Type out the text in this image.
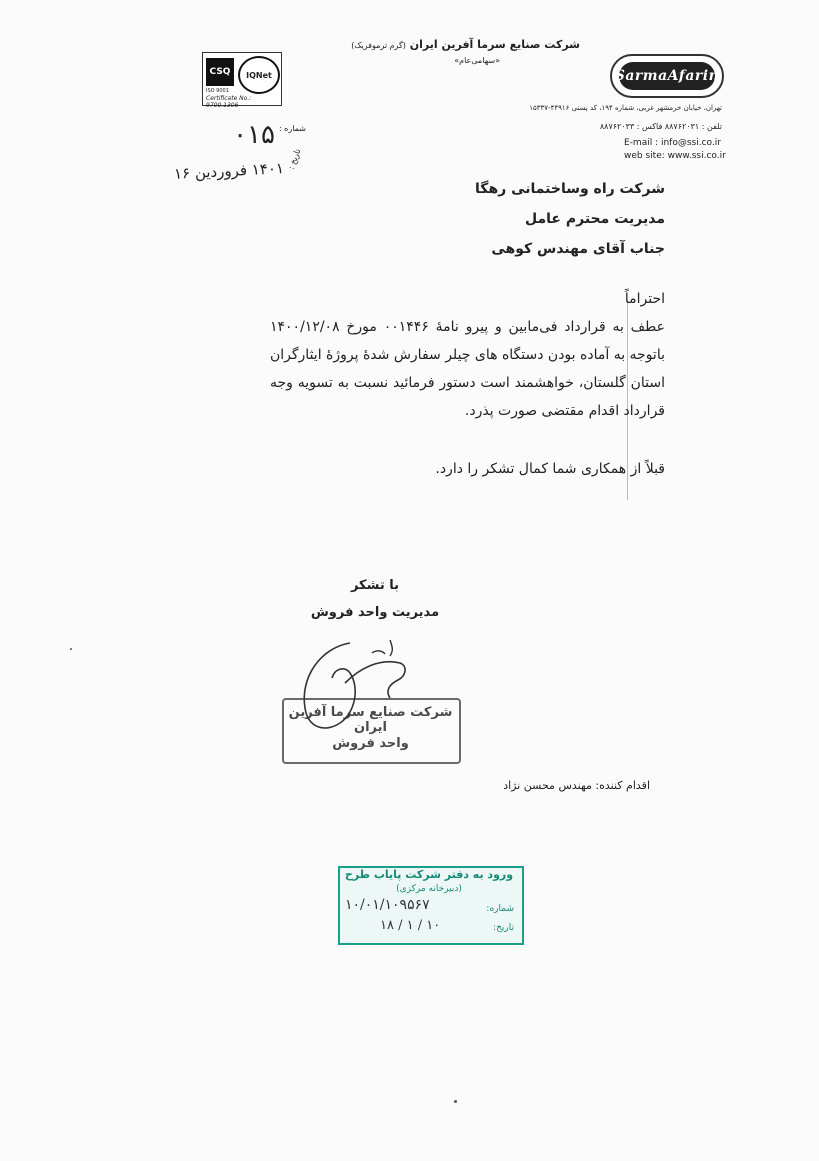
CSQ	IQNet
ISO 9001
Certificate No.: 9700.1306
شرکت صنایع سرما آفرین ایران (گرم ترموفریک)
«سهامی‌عام»
SarmaAfarin
تهران، خیابان خرمشهر غربی، شماره ۱۹۴، کد پستی ۴۴۹۱۶-۱۵۳۳۷
تلفن : ۸۸۷۶۲۰۳۱ فاکس : ۸۸۷۶۲۰۳۳
E-mail : info@ssi.co.ir
web site: www.ssi.co.ir
شماره :
۰۱۵
تاریخ :
۱۴۰۱ فروردین ۱۶
شرکت راه وساختمانی رهگا
مدیریت محترم عامل
جناب آقای مهندس کوهی
احتراماً
عطف به قرارداد فی‌مابین و پیرو نامهٔ ۰۰۱۴۴۶ مورخ ۱۴۰۰/۱۲/۰۸ باتوجه به آماده بودن دستگاه های چیلر سفارش شدهٔ پروژهٔ ایثارگران استان گلستان، خواهشمند است دستور فرمائید نسبت به تسویه وجه قرارداد اقدام مقتضی صورت پذرد.
قبلاً از همکاری شما کمال تشکر را دارد.
با تشکر
مدیریت واحد فروش
شرکت صنایع سرما آفرین ایران
واحد فروش
اقدام کننده: مهندس محسن نژاد
ورود به دفتر شرکت پایاب طرح
(دبیرخانه مرکزی)
شماره:
۱۰/۰۱/۱۰۹۵۶۷
تاریخ:
۱۸ / ۱ / ۱۰
